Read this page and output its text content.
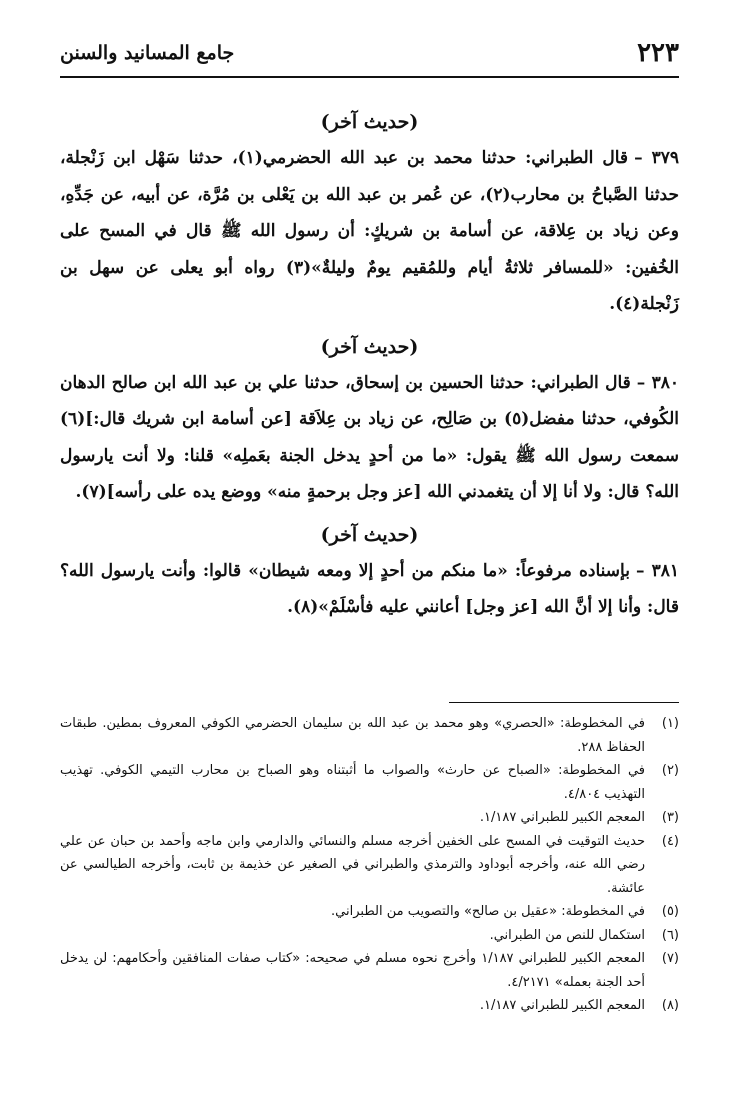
٢٢٣
جامع المسانيد والسنن
(حديث آخر)

٣٧٩ –قال الطبراني: حدثنا محمد بن عبد الله الحضرمي(١)، حدثنا سَهْل ابن زَنْجلة، حدثنا الصَّباحُ بن محارب(٢)، عن عُمر بن عبد الله بن يَعْلى بن مُرَّة، عن أبيه، عن جَدِّهِ، وعن زياد بن عِلاقة، عن أسامة بن شريكٍ: أن رسول الله ﷺ قال في المسح على الخُفين: «للمسافر ثلاثةُ أيام وللمُقيم يومٌ وليلةٌ»(٣) رواه أبو يعلى عن سهل بن زَنْجلة(٤).

(حديث آخر)

٣٨٠ –قال الطبراني: حدثنا الحسين بن إسحاق، حدثنا علي بن عبد الله ابن صالح الدهان الكُوفي، حدثنا مفضل(٥) بن صَالِح، عن زياد بن عِلاَقة [عن أسامة ابن شريك قال:](٦) سمعت رسول الله ﷺ يقول: «ما من أحدٍ يدخل الجنة بعَملِه» قلنا: ولا أنت يارسول الله؟ قال: ولا أنا إلا أن يتغمدني الله [عز وجل برحمةٍ منه» ووضع يده على رأسه](٧).

(حديث آخر)

٣٨١ –بإسناده مرفوعاً: «ما منكم من أحدٍ إلا ومعه شيطان» قالوا: وأنت يارسول الله؟ قال: وأنا إلا أنَّ الله [عز وجل] أعانني عليه فأسْلَمْ»(٨).

(١)
في المخطوطة: «الحصري» وهو محمد بن عبد الله بن سليمان الحضرمي الكوفي المعروف بمطين. طبقات الحفاظ ٢٨٨.
(٢)
في المخطوطة: «الصباح عن حارث» والصواب ما أثبتناه وهو الصباح بن محارب التيمي الكوفي. تهذيب التهذيب ٤/٨٠٤.
(٣)
المعجم الكبير للطبراني ١/١٨٧.
(٤)
حديث التوقيت في المسح على الخفين أخرجه مسلم والنسائي والدارمي وابن ماجه وأحمد بن حبان عن علي رضي الله عنه، وأخرجه أبوداود والترمذي والطبراني في الصغير عن خذيمة بن ثابت، وأخرجه الطيالسي عن عائشة.
(٥)
في المخطوطة: «عقيل بن صالح» والتصويب من الطبراني.
(٦)
استكمال للنص من الطبراني.
(٧)
المعجم الكبير للطبراني ١/١٨٧ وأخرج نحوه مسلم في صحيحه: «كتاب صفات المنافقين وأحكامهم: لن يدخل أحد الجنة بعمله» ٤/٢١٧١.
(٨)
المعجم الكبير للطبراني ١/١٨٧.
